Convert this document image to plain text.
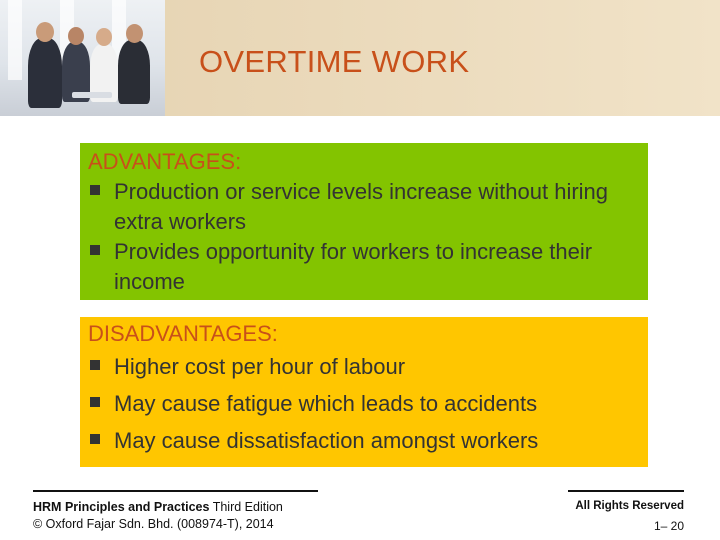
OVERTIME WORK
ADVANTAGES:
Production or service levels increase without hiring extra workers
Provides opportunity for workers to increase their income
DISADVANTAGES:
Higher cost per hour of labour
May cause fatigue which leads to accidents
May cause dissatisfaction amongst workers
HRM Principles and Practices Third Edition
© Oxford Fajar Sdn. Bhd. (008974-T), 2014
All Rights Reserved
1– 20
